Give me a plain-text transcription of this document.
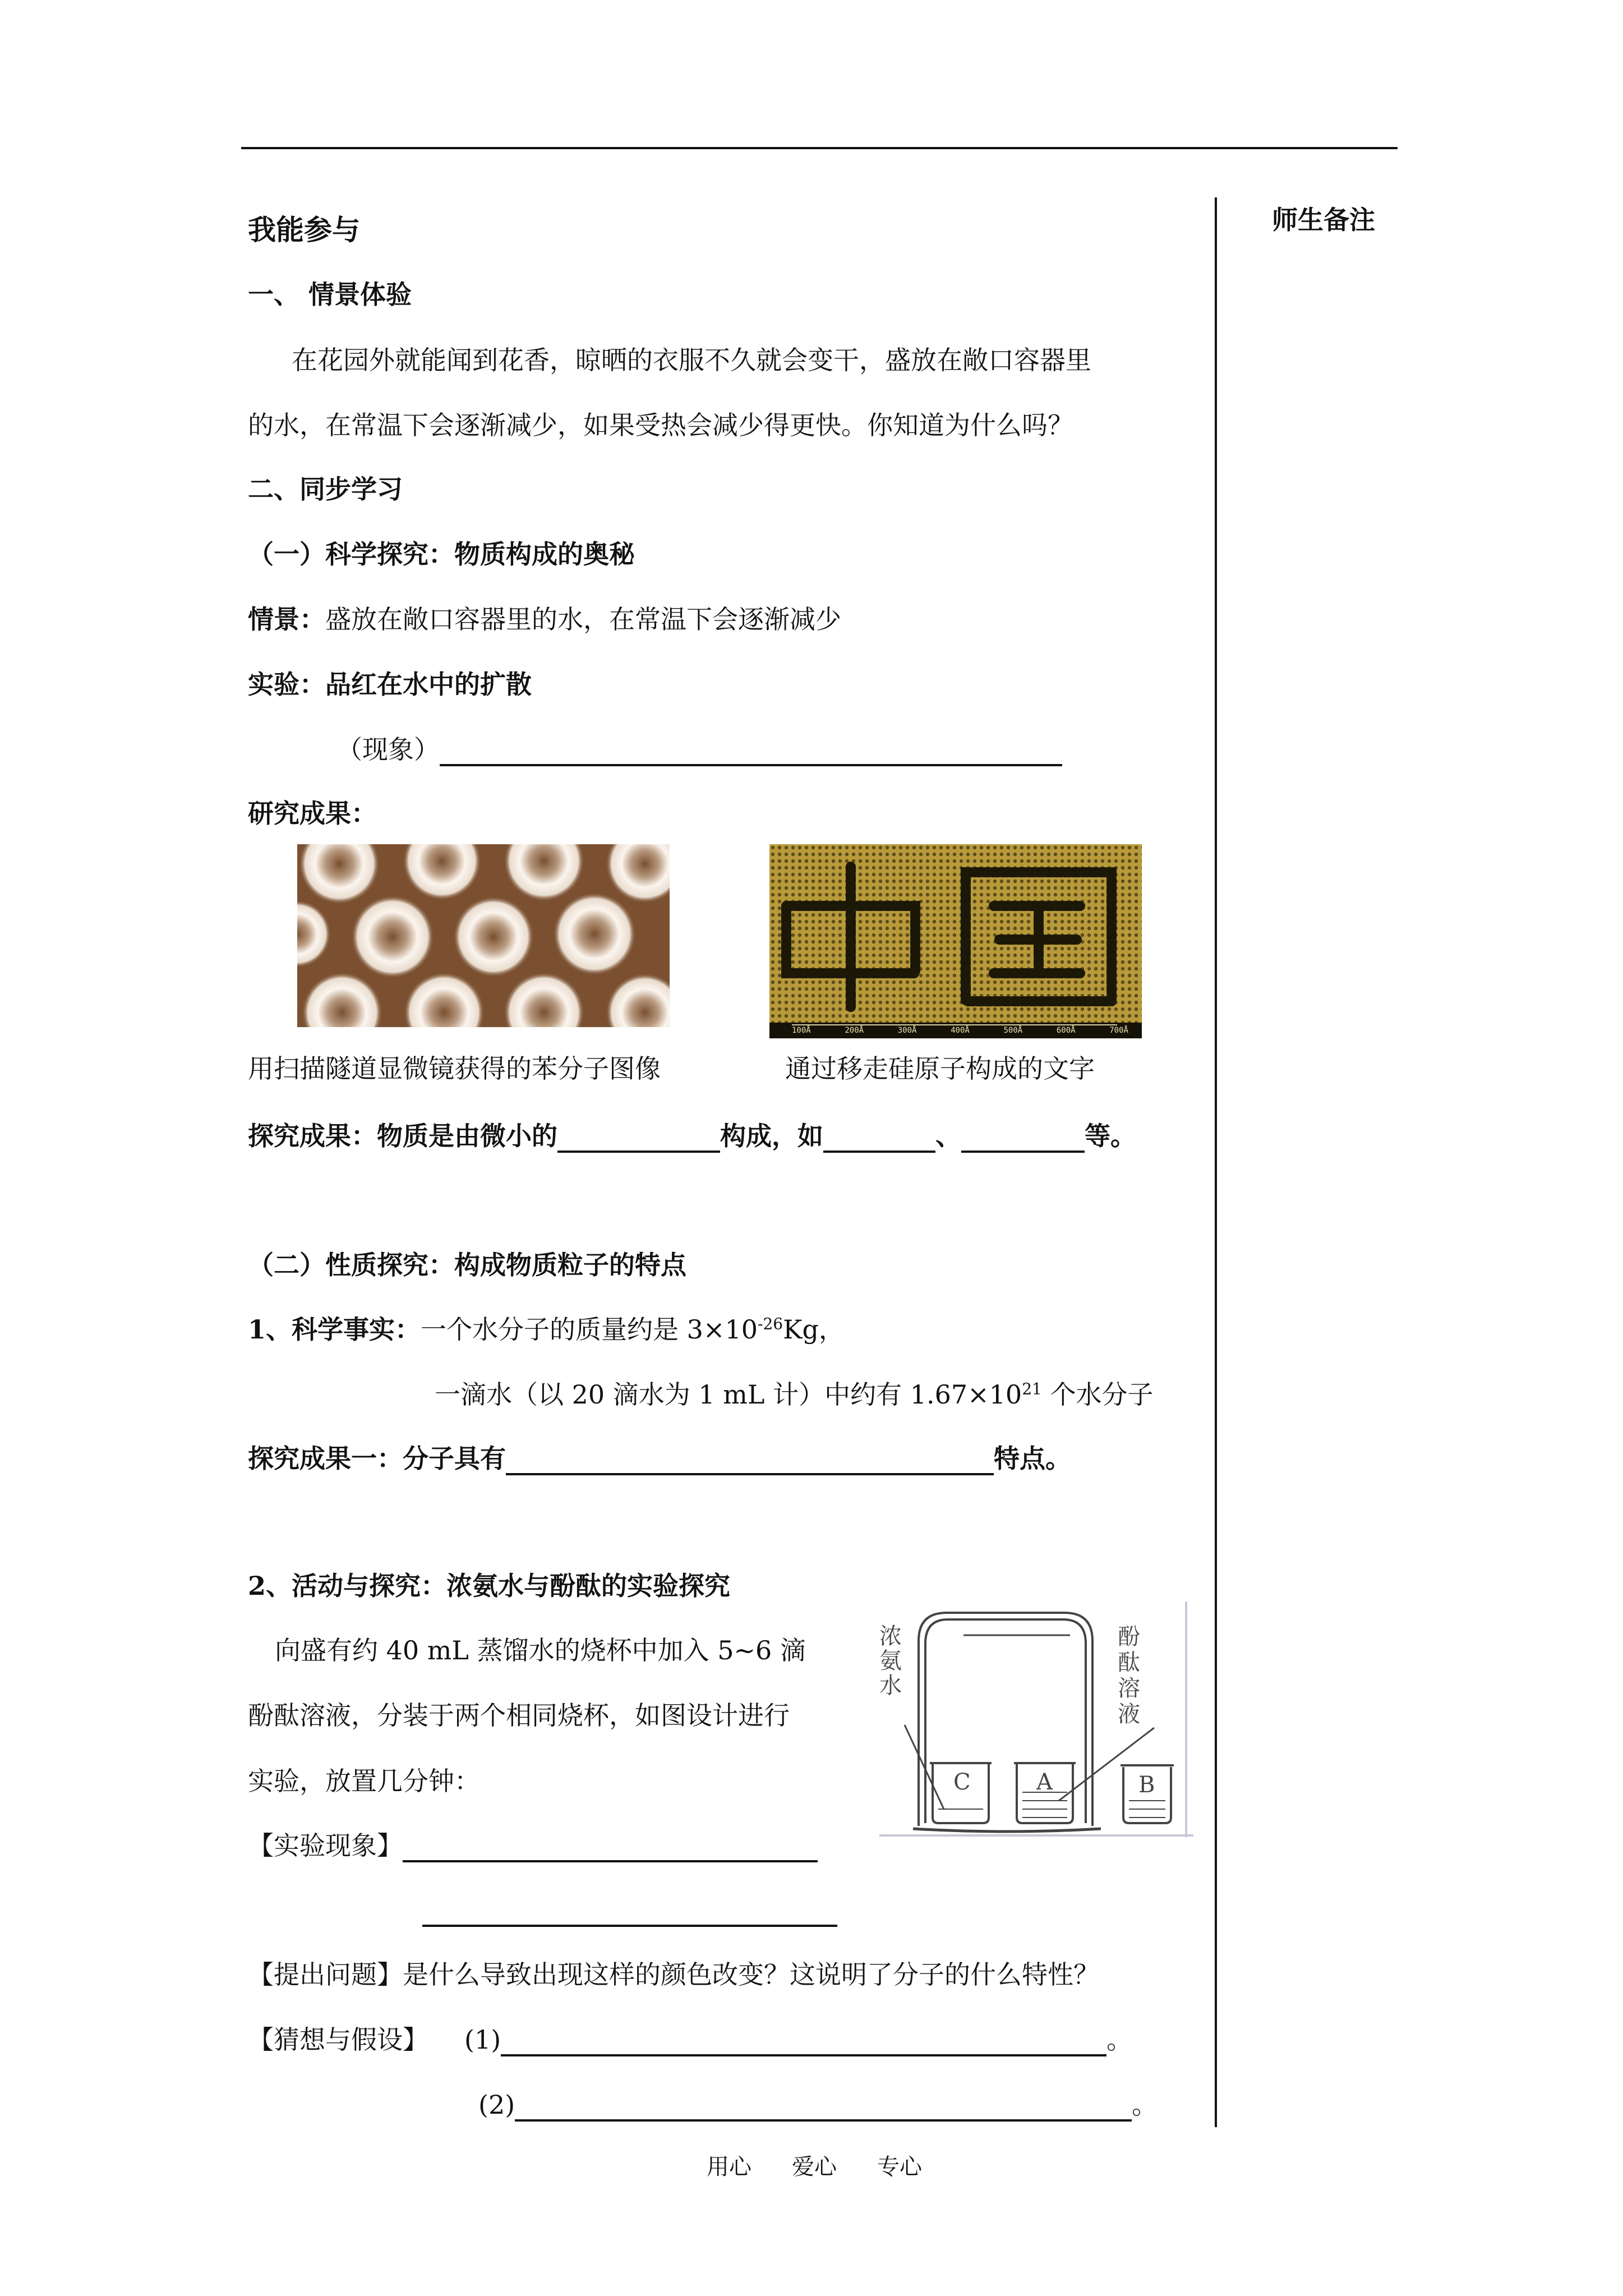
师生备注
我能参与
一、 情景体验
在花园外就能闻到花香，晾晒的衣服不久就会变干，盛放在敞口容器里
的水，在常温下会逐渐减少，如果受热会减少得更快。你知道为什么吗？
二、同步学习
（一）科学探究：物质构成的奥秘
情景：盛放在敞口容器里的水，在常温下会逐渐减少
实验：品红在水中的扩散
（现象）
研究成果：
100Å	200Å	300Å	400Å	500Å	600Å	700Å
用扫描隧道显微镜获得的苯分子图像	通过移走硅原子构成的文字
探究成果：物质是由微小的	构成，如	、	等。
（二）性质探究：构成物质粒子的特点
1、科学事实：一个水分子的质量约是 $3\times 10^{-26}Kg$，
一滴水（以 20 滴水为 1 mL 计）中约有 $1.67\times 10^{21}$ 个水分子
探究成果一：分子具有	特点。
2、活动与探究：浓氨水与酚酞的实验探究
向盛有约 40 mL 蒸馏水的烧杯中加入 5~6 滴
酚酞溶液，分装于两个相同烧杯，如图设计进行
实验，放置几分钟：
浓氨水
酚酞溶液
C	A	B
【实验现象】
【提出问题】是什么导致出现这样的颜色改变？这说明了分子的什么特性？
【猜想与假设】 (1)	。
(2)	。
用心 爱心 专心
